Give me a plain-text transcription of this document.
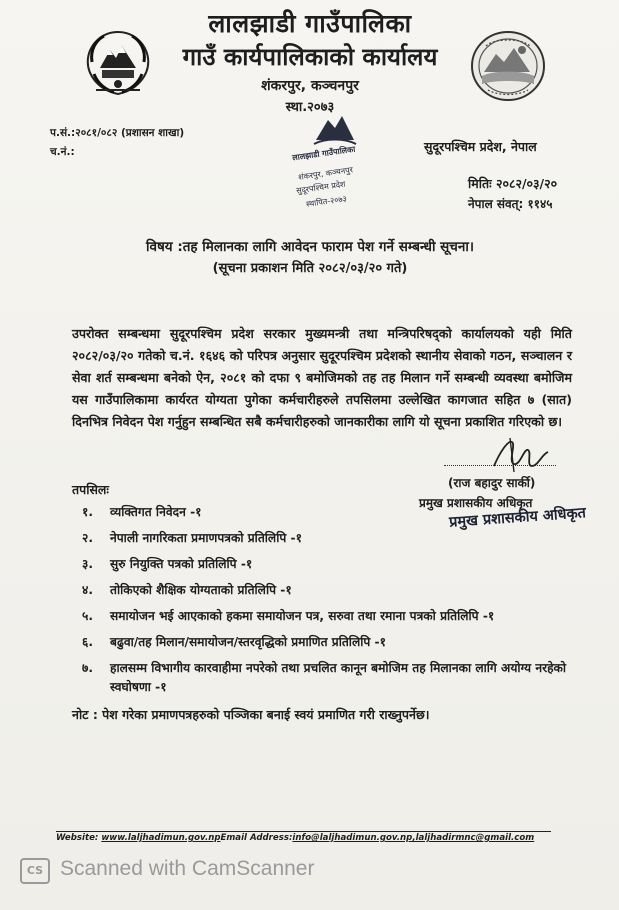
लालझाडी गाउँपालिका
गाउँ कार्यपालिकाको कार्यालय
शंकरपुर, कञ्चनपुर
स्था.२०७३
प.सं.:२०८१/०८२ (प्रशासन शाखा)
च.नं.:	सुदूरपश्चिम प्रदेश, नेपाल
मितिः २०८२/०३/२०
नेपाल संवत्: ११४५
लालझाडी गाउँपालिका
शंकरपुर, कञ्चनपुर
सुदूरपश्चिम प्रदेश
स्थापित-२०७३
विषय :तह मिलानका लागि आवेदन फाराम पेश गर्ने सम्बन्धी सूचना।
(सूचना प्रकाशन मिति २०८२/०३/२० गते)
उपरोक्त सम्बन्धमा सुदूरपश्चिम प्रदेश सरकार मुख्यमन्त्री तथा मन्त्रिपरिषद्को कार्यालयको यही मिति २०८२/०३/२० गतेको च.नं. १६४६ को परिपत्र अनुसार सुदूरपश्चिम प्रदेशको स्थानीय सेवाको गठन, सञ्चालन र सेवा शर्त सम्बन्धमा बनेको ऐन, २०८१ को दफा ९ बमोजिमको तह तह मिलान गर्ने सम्बन्धी व्यवस्था बमोजिम यस गाउँपालिकामा कार्यरत योग्यता पुगेका कर्मचारीहरुले तपसिलमा उल्लेखित कागजात सहित ७ (सात) दिनभित्र निवेदन पेश गर्नुहुन सम्बन्धित सबै कर्मचारीहरुको जानकारीका लागि यो सूचना प्रकाशित गरिएको छ।
(राज बहादुर सार्की)
प्रमुख प्रशासकीय अधिकृत
प्रमुख प्रशासकीय अधिकृत
तपसिलः
१.	व्यक्तिगत निवेदन -१
२.	नेपाली नागरिकता प्रमाणपत्रको प्रतिलिपि -१
३.	सुरु नियुक्ति पत्रको प्रतिलिपि -१
४.	तोकिएको शैक्षिक योग्यताको प्रतिलिपि -१
५.	समायोजन भई आएकाको हकमा समायोजन पत्र, सरुवा तथा रमाना पत्रको प्रतिलिपि -१
६.	बढुवा/तह मिलान/समायोजन/स्तरवृद्धिको प्रमाणित प्रतिलिपि -१
७.	हालसम्म विभागीय कारवाहीमा नपरेको तथा प्रचलित कानून बमोजिम तह मिलानका लागि अयोग्य नरहेको स्वघोषणा -१
नोट : पेश गरेका प्रमाणपत्रहरुको पञ्जिका बनाई स्वयं प्रमाणित गरी राख्नुपर्नेछ।
Website: www.laljhadimun.gov.npEmail Address:info@laljhadimun.gov.np,laljhadirmnc@gmail.com
CS Scanned with CamScanner
